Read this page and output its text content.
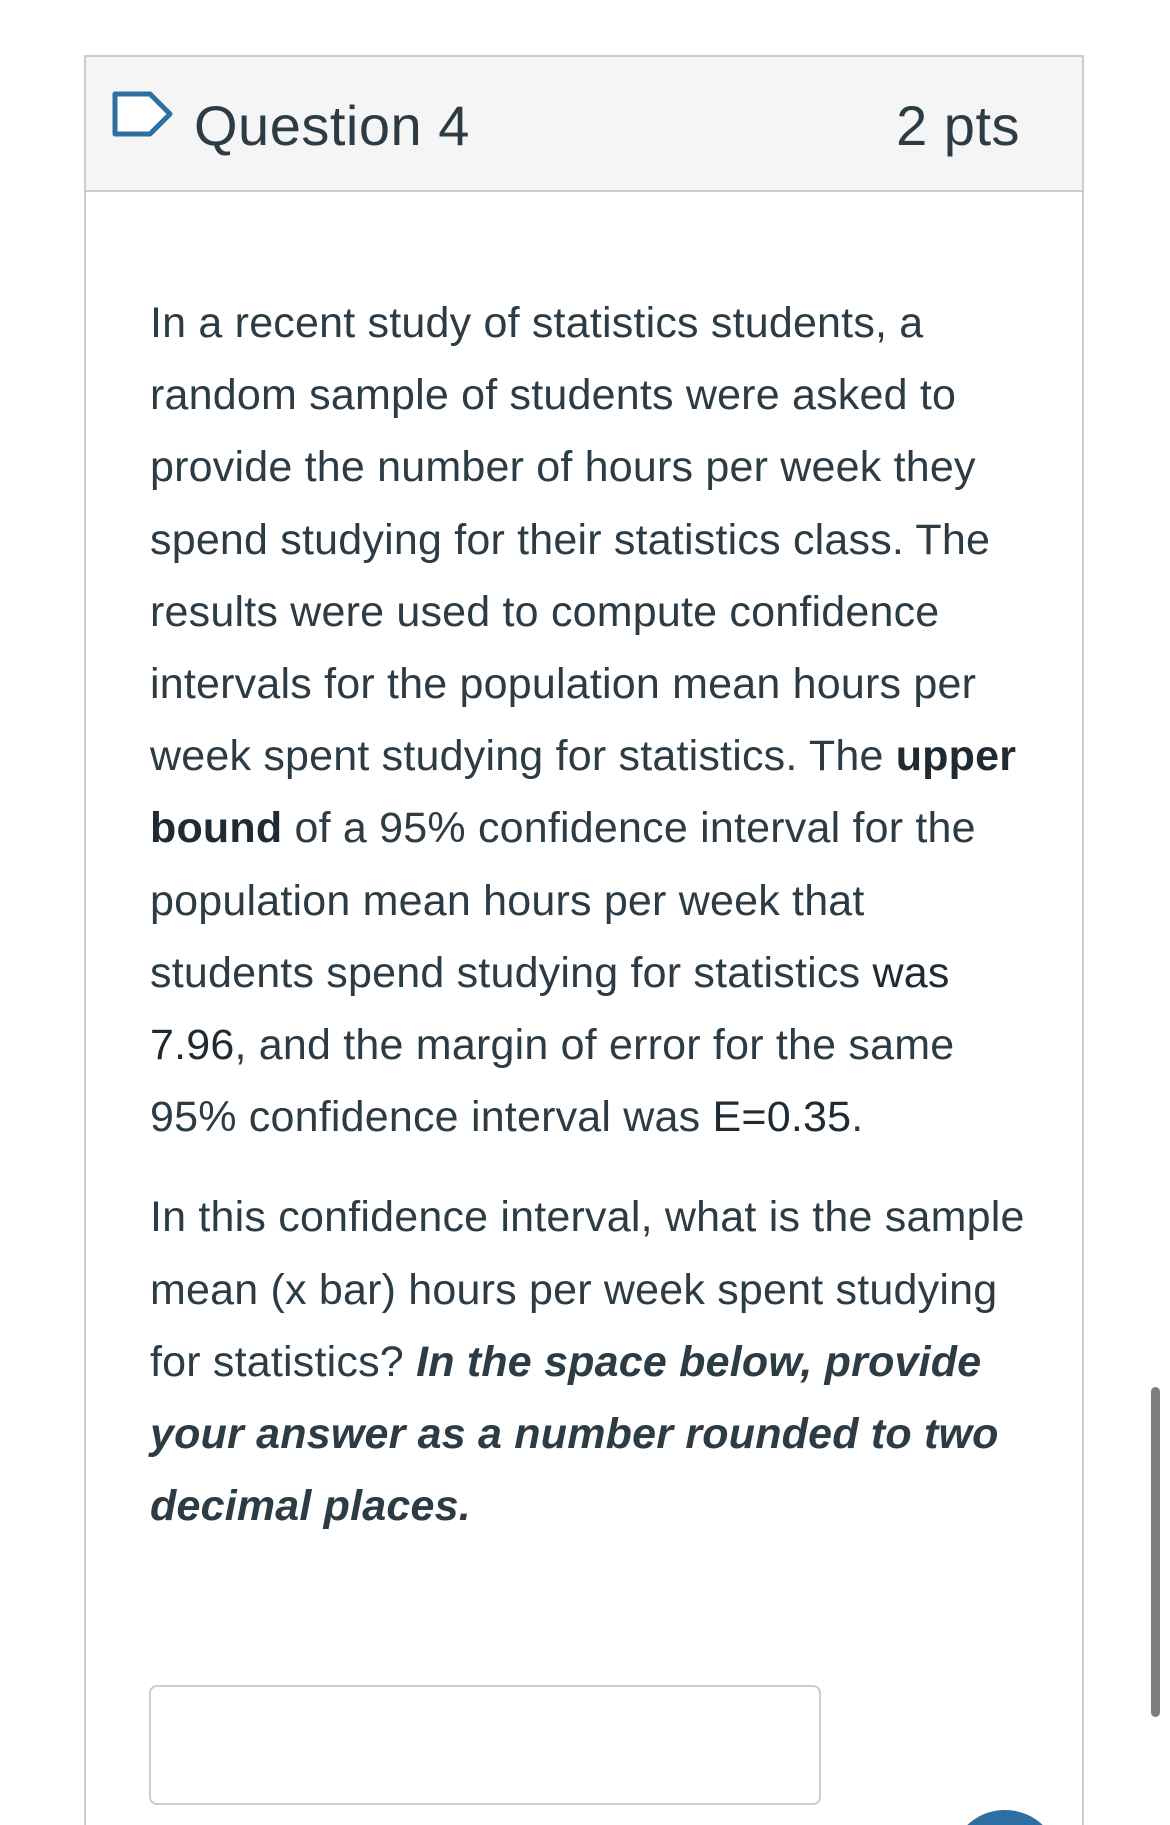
Question 4	2 pts

In a recent study of statistics students, a random sample of students were asked to provide the number of hours per week they spend studying for their statistics class. The results were used to compute confidence intervals for the population mean hours per week spent studying for statistics. The upper bound of a 95% confidence interval for the population mean hours per week that students spend studying for statistics was 7.96, and the margin of error for the same 95% confidence interval was E=0.35.

In this confidence interval, what is the sample mean (x bar) hours per week spent studying for statistics? In the space below, provide your answer as a number rounded to two decimal places.
